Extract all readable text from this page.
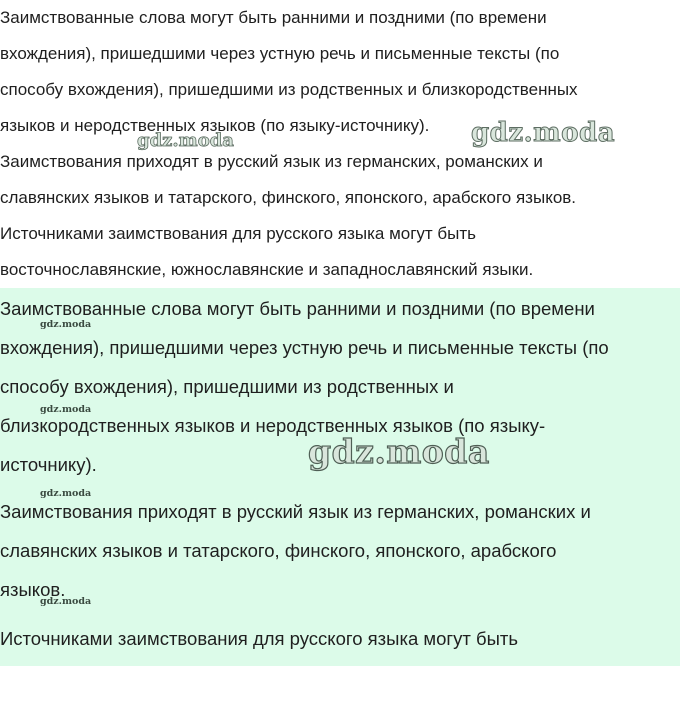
Заимствованные слова могут быть ранними и поздними (по времени

вхождения), пришедшими через устную речь и письменные тексты (по

способу вхождения), пришедшими из родственных и близкородственных

языков и неродственных языков (по языку-источнику).

Заимствования приходят в русский язык из германских, романских и

славянских языков и татарского, финского, японского, арабского языков.

Источниками заимствования для русского языка могут быть

восточнославянские, южнославянские и западнославянский языки.

Заимствованные слова могут быть ранними и поздними (по времени

вхождения), пришедшими через устную речь и письменные тексты (по

способу вхождения), пришедшими из родственных и

близкородственных языков и неродственных языков (по языку-

источнику).

Заимствования приходят в русский язык из германских, романских и

славянских языков и татарского, финского, японского, арабского

языков.

Источниками заимствования для русского языка могут быть

gdz.moda
gdz.moda
gdz.moda
gdz.moda
gdz.moda
gdz.moda
gdz.moda
